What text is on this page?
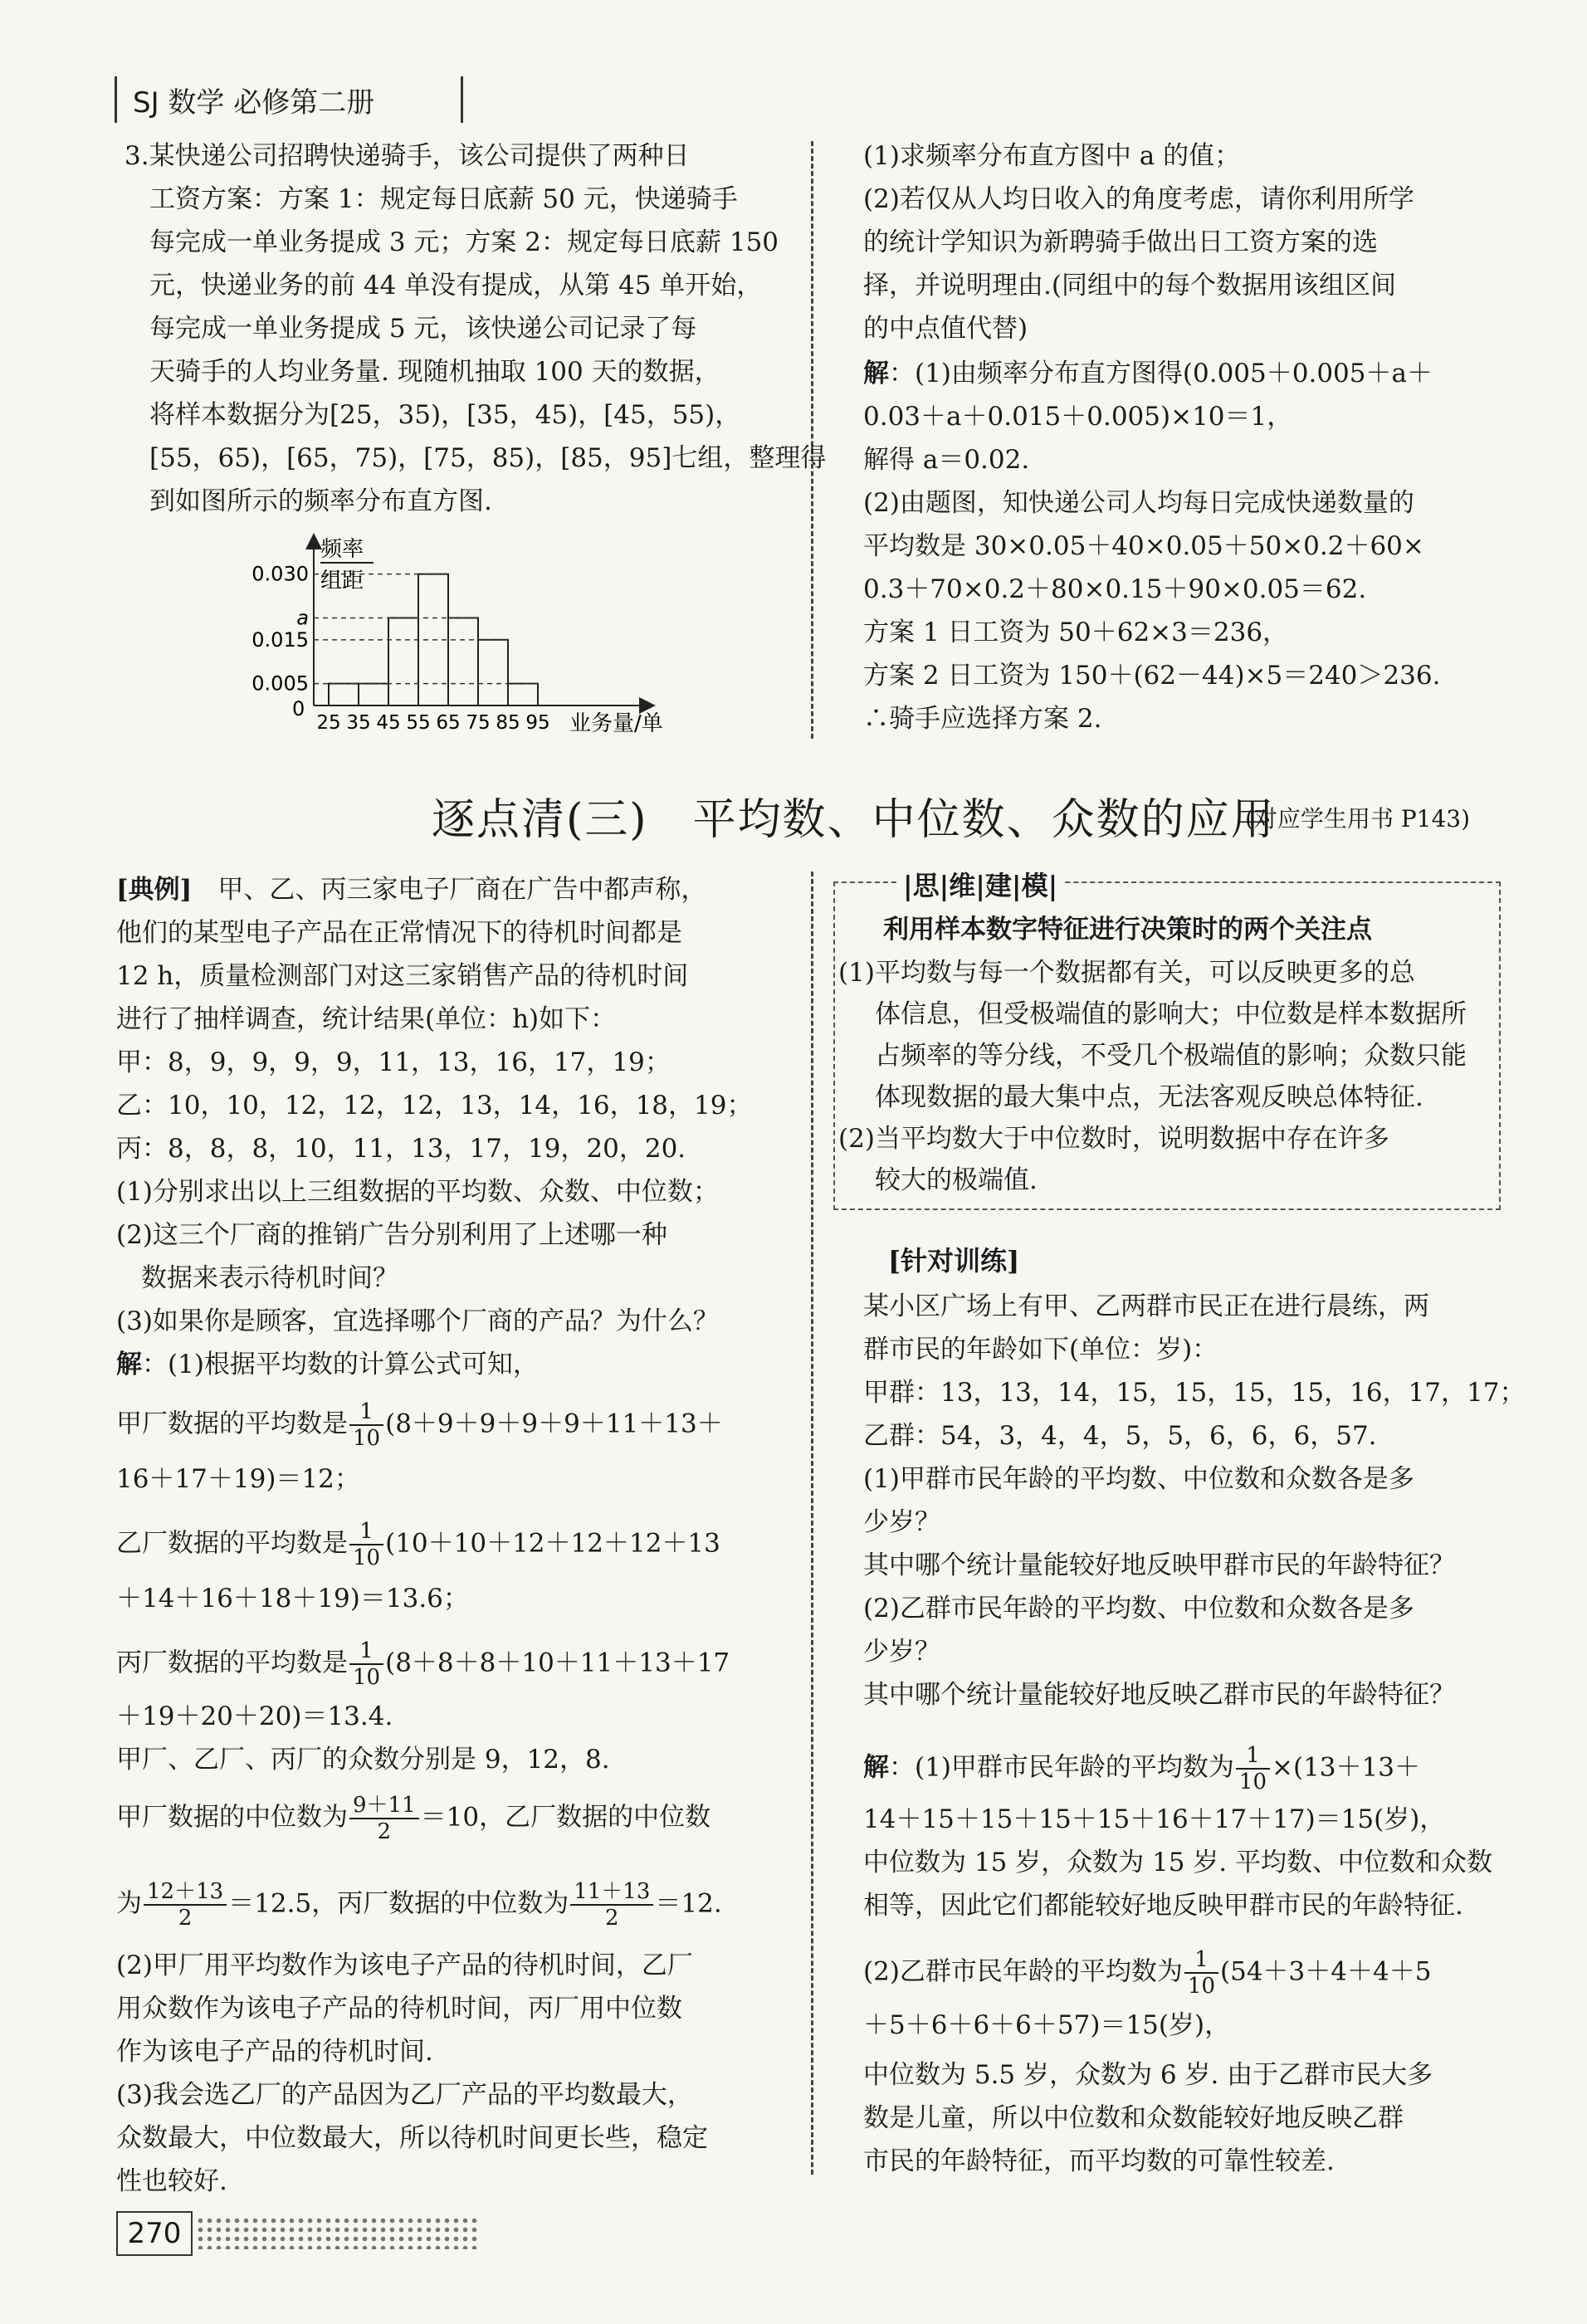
SJ 数学 必修第二册
3.某快递公司招聘快递骑手，该公司提供了两种日
工资方案：方案 1：规定每日底薪 50 元，快递骑手
每完成一单业务提成 3 元；方案 2：规定每日底薪 150
元，快递业务的前 44 单没有提成，从第 45 单开始，
每完成一单业务提成 5 元，该快递公司记录了每
天骑手的人均业务量. 现随机抽取 100 天的数据，
将样本数据分为[25，35)，[35，45)，[45，55)，
[55，65)，[65，75)，[75，85)，[85，95]七组，整理得
到如图所示的频率分布直方图.
频率
组距
业务量/单
0
0.030
a
0.015
0.005
25 35 45 55 65 75 85 95
(1)求频率分布直方图中 a 的值；
(2)若仅从人均日收入的角度考虑，请你利用所学
的统计学知识为新聘骑手做出日工资方案的选
择，并说明理由.(同组中的每个数据用该组区间
的中点值代替)
解：(1)由频率分布直方图得(0.005＋0.005＋a＋
0.03＋a＋0.015＋0.005)×10＝1，
解得 a＝0.02.
(2)由题图，知快递公司人均每日完成快递数量的
平均数是 30×0.05＋40×0.05＋50×0.2＋60×
0.3＋70×0.2＋80×0.15＋90×0.05＝62.
方案 1 日工资为 50＋62×3＝236，
方案 2 日工资为 150＋(62－44)×5＝240＞236.
∴骑手应选择方案 2.
逐点清(三)　平均数、中位数、众数的应用
(对应学生用书 P143)
[典例]　 甲、乙、丙三家电子厂商在广告中都声称，
他们的某型电子产品在正常情况下的待机时间都是
12 h，质量检测部门对这三家销售产品的待机时间
进行了抽样调查，统计结果(单位：h)如下：
甲：8，9，9，9，9，11，13，16，17，19；
乙：10，10，12，12，12，13，14，16，18，19；
丙：8，8，8，10，11，13，17，19，20，20.
(1)分别求出以上三组数据的平均数、众数、中位数；
(2)这三个厂商的推销广告分别利用了上述哪一种
数据来表示待机时间？
(3)如果你是顾客，宜选择哪个厂商的产品？为什么？
解：(1)根据平均数的计算公式可知，
甲厂数据的平均数是 $\frac{1}{10} (8+9+9+9+9+11+13+$
16＋17＋19)＝12；
乙厂数据的平均数是 $\frac{1}{10} (10+10+12+12+12+13$
＋14＋16＋18＋19)＝13.6；
丙厂数据的平均数是 $\frac{1}{10} (8+8+8+10+11+13+17$
＋19＋20＋20)＝13.4.
甲厂、乙厂、丙厂的众数分别是 9，12，8.
甲厂数据的中位数为 $\frac{9+11}{2} =10$，乙厂数据的中位数
为 $\frac{12+13}{2} =12.5$，丙厂数据的中位数为 $\frac{11+13}{2} =12$.
(2)甲厂用平均数作为该电子产品的待机时间，乙厂
用众数作为该电子产品的待机时间，丙厂用中位数
作为该电子产品的待机时间.
(3)我会选乙厂的产品因为乙厂产品的平均数最大，
众数最大，中位数最大，所以待机时间更长些，稳定
性也较好.
|思|维|建|模|
利用样本数字特征进行决策时的两个关注点
(1)平均数与每一个数据都有关，可以反映更多的总
体信息，但受极端值的影响大；中位数是样本数据所
占频率的等分线，不受几个极端值的影响；众数只能
体现数据的最大集中点，无法客观反映总体特征.
(2)当平均数大于中位数时，说明数据中存在许多
较大的极端值.
[针对训练]
某小区广场上有甲、乙两群市民正在进行晨练，两
群市民的年龄如下(单位：岁)：
甲群：13，13，14，15，15，15，15，16，17，17；
乙群：54，3，4，4，5，5，6，6，6，57.
(1)甲群市民年龄的平均数、中位数和众数各是多
少岁？
其中哪个统计量能较好地反映甲群市民的年龄特征？
(2)乙群市民年龄的平均数、中位数和众数各是多
少岁？
其中哪个统计量能较好地反映乙群市民的年龄特征？
解：(1)甲群市民年龄的平均数为 $\frac{1}{10} \times(13+13+$
14＋15＋15＋15＋15＋16＋17＋17)＝15(岁)，
中位数为 15 岁，众数为 15 岁. 平均数、中位数和众数
相等，因此它们都能较好地反映甲群市民的年龄特征.
(2)乙群市民年龄的平均数为 $\frac{1}{10} (54+3+4+4+5$
＋5＋6＋6＋6＋57)＝15(岁)，
中位数为 5.5 岁，众数为 6 岁. 由于乙群市民大多
数是儿童，所以中位数和众数能较好地反映乙群
市民的年龄特征，而平均数的可靠性较差.
270
